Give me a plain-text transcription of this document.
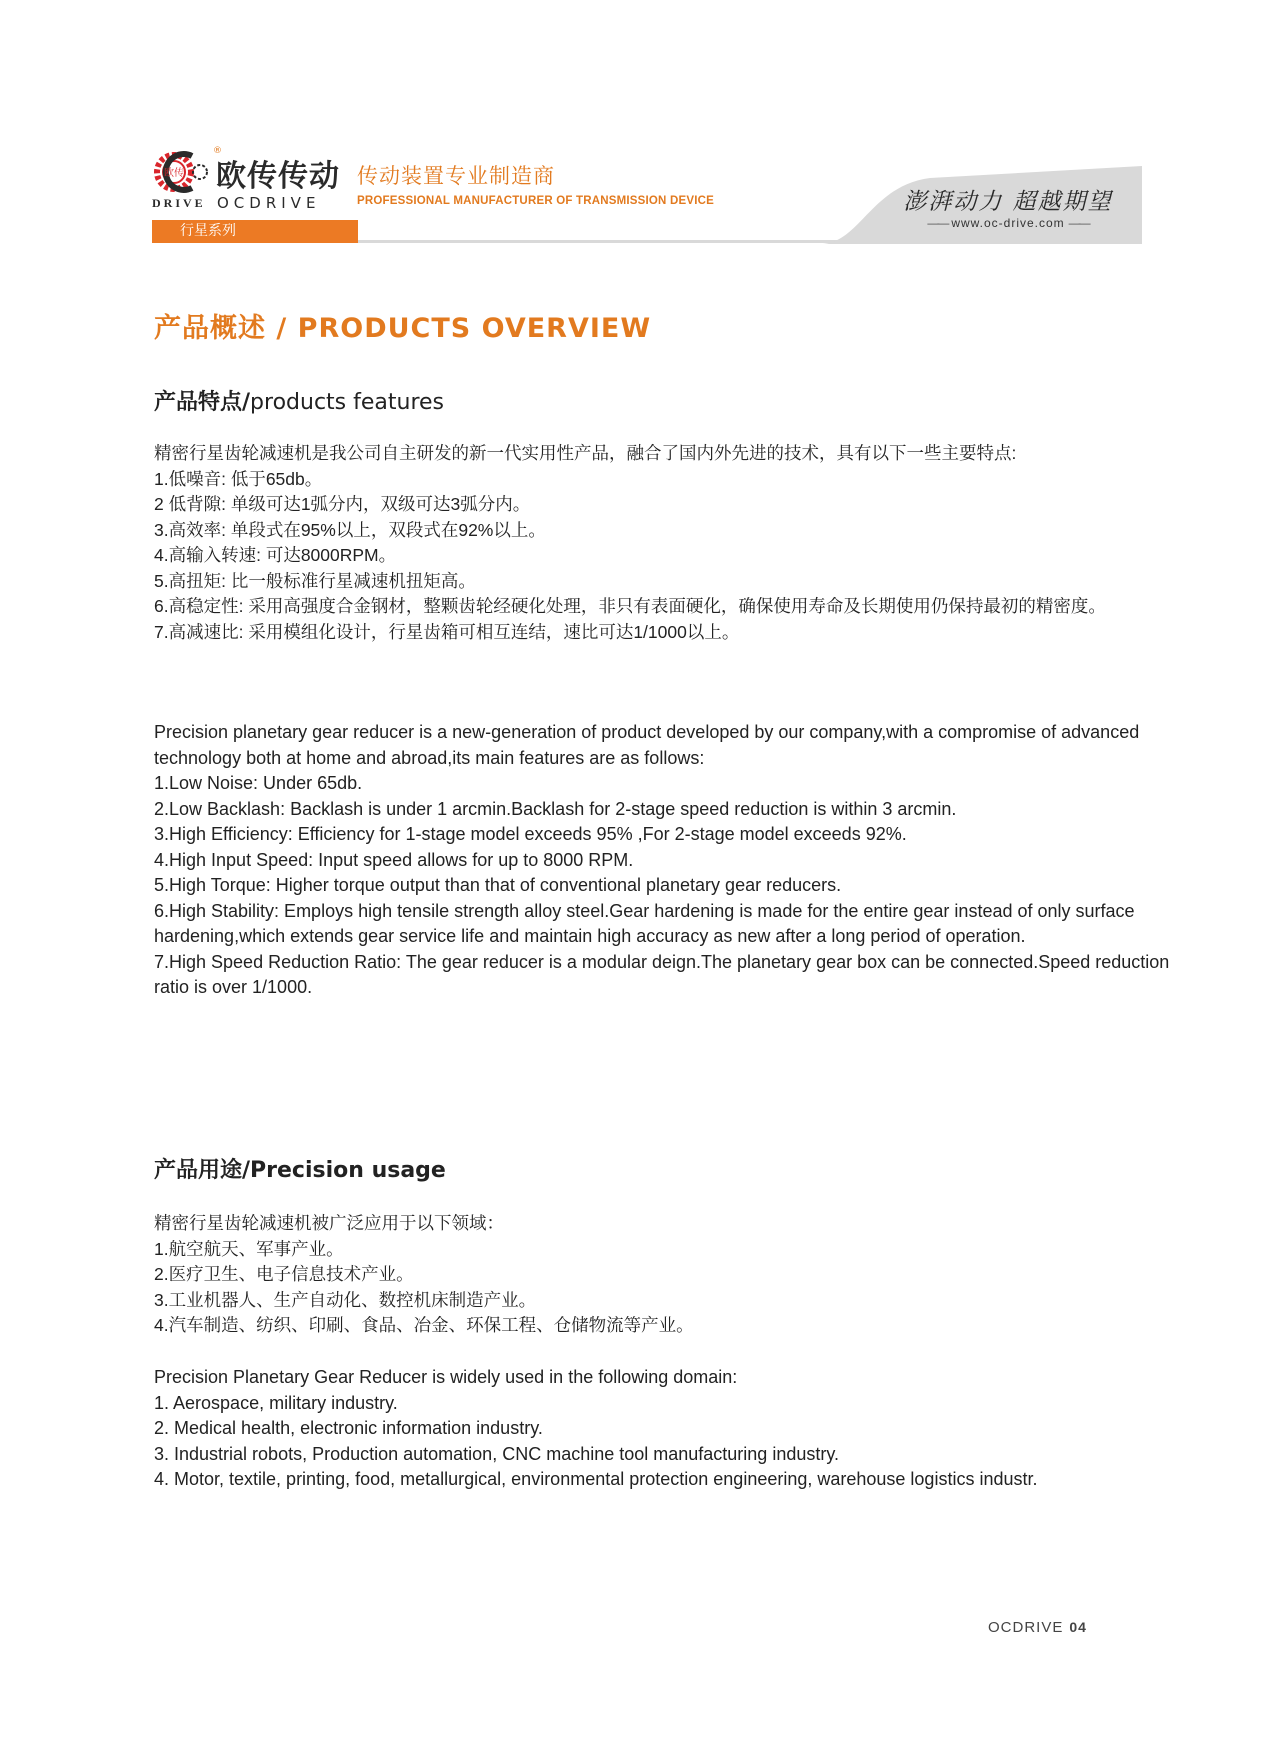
欧传
®
欧传传动
DRIVE OCDRIVE
传动装置专业制造商
PROFESSIONAL MANUFACTURER OF TRANSMISSION DEVICE
行星系列
澎湃动力 超越期望
—— www.oc-drive.com ——
产品概述 / PRODUCTS OVERVIEW
产品特点/products features

精密行星齿轮减速机是我公司自主研发的新一代实用性产品，融合了国内外先进的技术，具有以下一些主要特点:

1.低噪音: 低于65db。

2 低背隙: 单级可达1弧分内，双级可达3弧分内。

3.高效率: 单段式在95%以上，双段式在92%以上。

4.高输入转速: 可达8000RPM。

5.高扭矩: 比一般标准行星减速机扭矩高。

6.高稳定性: 采用高强度合金钢材，整颗齿轮经硬化处理，非只有表面硬化，确保使用寿命及长期使用仍保持最初的精密度。

7.高减速比: 采用模组化设计，行星齿箱可相互连结，速比可达1/1000以上。

Precision planetary gear reducer is a new-generation of product developed by our company,with a compromise of advanced technology both at home and abroad,its main features are as follows:

1.Low Noise: Under 65db.

2.Low Backlash: Backlash is under 1 arcmin.Backlash for 2-stage speed reduction is within 3 arcmin.

3.High Efficiency: Efficiency for 1-stage model exceeds 95% ,For 2-stage model exceeds 92%.

4.High Input Speed: Input speed allows for up to 8000 RPM.

5.High Torque: Higher torque output than that of conventional planetary gear reducers.

6.High Stability: Employs high tensile strength alloy steel.Gear hardening is made for the entire gear instead of only surface hardening,which extends gear service life and maintain high accuracy as new after a long period of operation.

7.High Speed Reduction Ratio: The gear reducer is a modular deign.The planetary gear box can be connected.Speed reduction ratio is over 1/1000.

产品用途/Precision usage

精密行星齿轮减速机被广泛应用于以下领域：

1.航空航天、军事产业。

2.医疗卫生、电子信息技术产业。

3.工业机器人、生产自动化、数控机床制造产业。

4.汽车制造、纺织、印刷、食品、冶金、环保工程、仓储物流等产业。

Precision Planetary Gear Reducer is widely used in the following domain:

1. Aerospace, military industry.

2. Medical health, electronic information industry.

3. Industrial robots, Production automation, CNC machine tool manufacturing industry.

4. Motor, textile, printing, food, metallurgical, environmental protection engineering, warehouse logistics industr.

OCDRIVE 04
